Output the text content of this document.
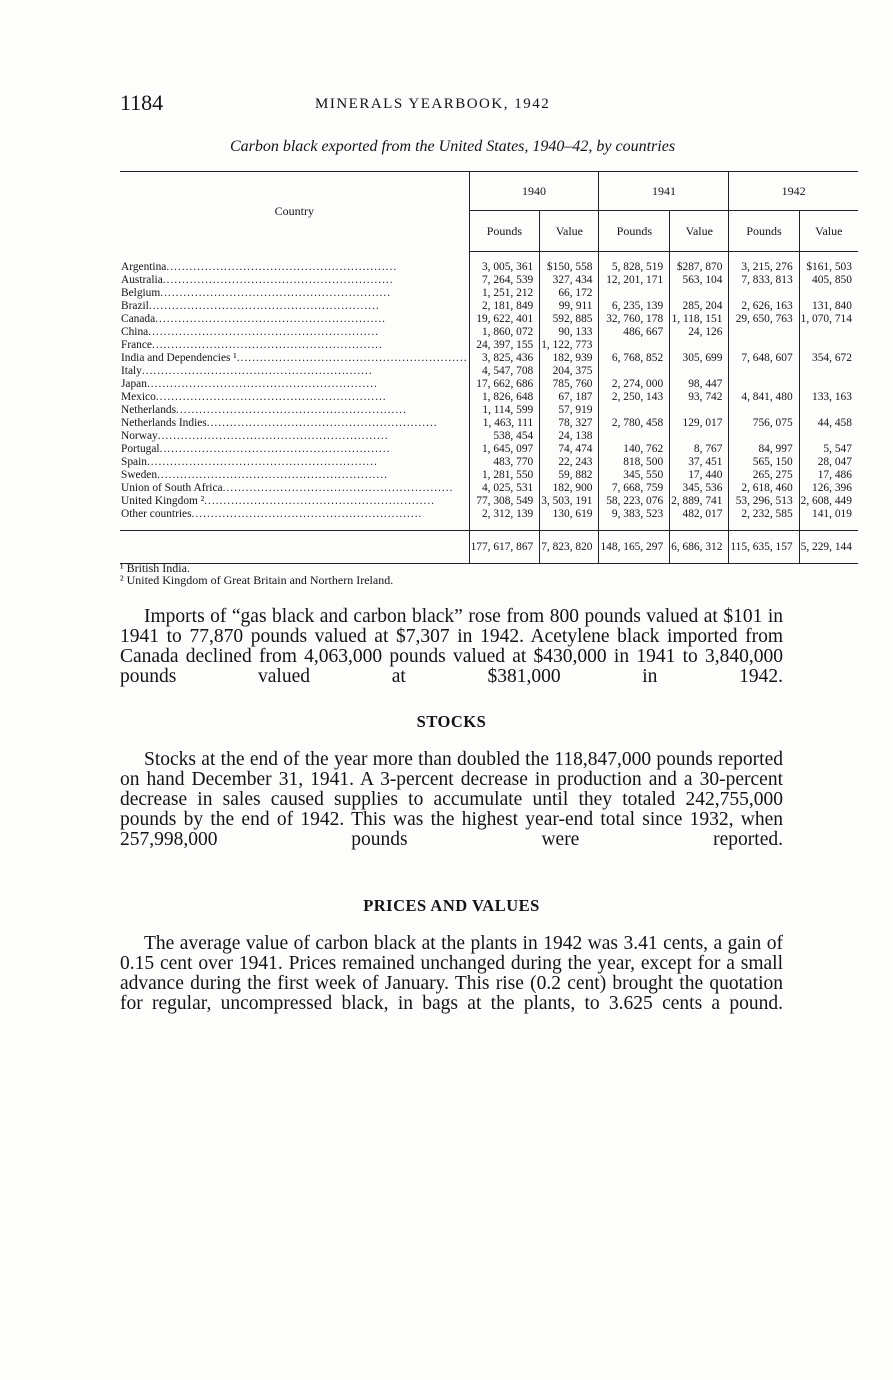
1184	MINERALS YEARBOOK, 1942
Carbon black exported from the United States, 1940–42, by countries
Country	1940		1941		1942	
	Pounds	Value	Pounds	Value	Pounds	Value

Argentina............................................................	3, 005, 361	$150, 558	5, 828, 519	$287, 870	3, 215, 276	$161, 503
Australia............................................................	7, 264, 539	327, 434	12, 201, 171	563, 104	7, 833, 813	405, 850
Belgium............................................................	1, 251, 212	66, 172				
Brazil............................................................	2, 181, 849	99, 911	6, 235, 139	285, 204	2, 626, 163	131, 840
Canada............................................................	19, 622, 401	592, 885	32, 760, 178	1, 118, 151	29, 650, 763	1, 070, 714
China............................................................	1, 860, 072	90, 133	486, 667	24, 126		
France............................................................	24, 397, 155	1, 122, 773				
India and Dependencies ¹............................................................	3, 825, 436	182, 939	6, 768, 852	305, 699	7, 648, 607	354, 672
Italy............................................................	4, 547, 708	204, 375				
Japan............................................................	17, 662, 686	785, 760	2, 274, 000	98, 447		
Mexico............................................................	1, 826, 648	67, 187	2, 250, 143	93, 742	4, 841, 480	133, 163
Netherlands............................................................	1, 114, 599	57, 919				
Netherlands Indies............................................................	1, 463, 111	78, 327	2, 780, 458	129, 017	756, 075	44, 458
Norway............................................................	538, 454	24, 138				
Portugal............................................................	1, 645, 097	74, 474	140, 762	8, 767	84, 997	5, 547
Spain............................................................	483, 770	22, 243	818, 500	37, 451	565, 150	28, 047
Sweden............................................................	1, 281, 550	59, 882	345, 550	17, 440	265, 275	17, 486
Union of South Africa............................................................	4, 025, 531	182, 900	7, 668, 759	345, 536	2, 618, 460	126, 396
United Kingdom ²............................................................	77, 308, 549	3, 503, 191	58, 223, 076	2, 889, 741	53, 296, 513	2, 608, 449
Other countries............................................................	2, 312, 139	130, 619	9, 383, 523	482, 017	2, 232, 585	141, 019

	177, 617, 867	7, 823, 820	148, 165, 297	6, 686, 312	115, 635, 157	5, 229, 144
¹ British India.
² United Kingdom of Great Britain and Northern Ireland.

Imports of “gas black and carbon black” rose from 800 pounds valued at $101 in 1941 to 77,870 pounds valued at $7,307 in 1942. Acetylene black imported from Canada declined from 4,063,000 pounds valued at $430,000 in 1941 to 3,840,000 pounds valued at $381,000 in 1942.

STOCKS

Stocks at the end of the year more than doubled the 118,847,000 pounds reported on hand December 31, 1941. A 3-percent decrease in production and a 30-percent decrease in sales caused supplies to accumulate until they totaled 242,755,000 pounds by the end of 1942. This was the highest year-end total since 1932, when 257,998,000 pounds were reported.

PRICES AND VALUES

The average value of carbon black at the plants in 1942 was 3.41 cents, a gain of 0.15 cent over 1941. Prices remained unchanged during the year, except for a small advance during the first week of January. This rise (0.2 cent) brought the quotation for regular, uncompressed black, in bags at the plants, to 3.625 cents a pound.
